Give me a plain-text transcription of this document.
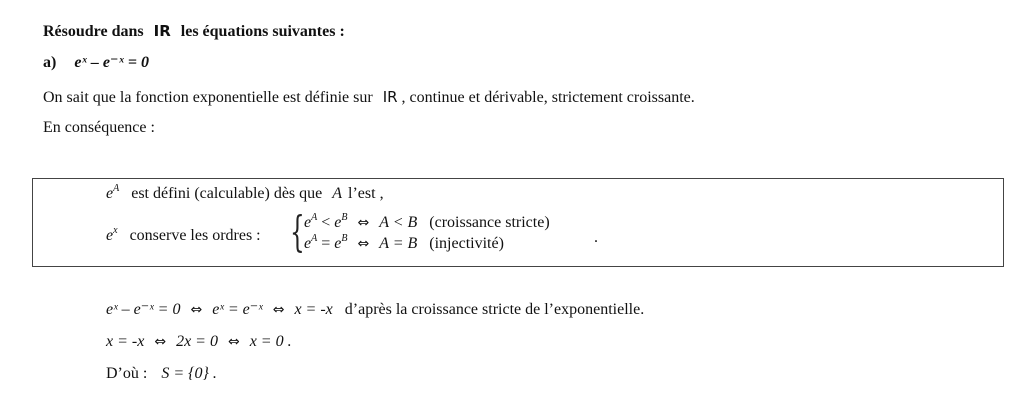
Résoudre dans IR les équations suivantes :
a) eˣ – e⁻ˣ = 0
On sait que la fonction exponentielle est définie sur IR , continue et dérivable, strictement croissante.
En conséquence :
$e^A$ est défini (calculable) dès que A l’est ,
$e^x$ conserve les ordres : { $e^A < e^B$ ⇔ A < B (croissance stricte)
$e^A = e^B$ ⇔ A = B (injectivité)	.
eˣ – e⁻ˣ = 0 ⇔ eˣ = e⁻ˣ ⇔ x = -x d’après la croissance stricte de l’exponentielle.
x = -x ⇔ 2x = 0 ⇔ x = 0 .
D’où : S = {0} .
